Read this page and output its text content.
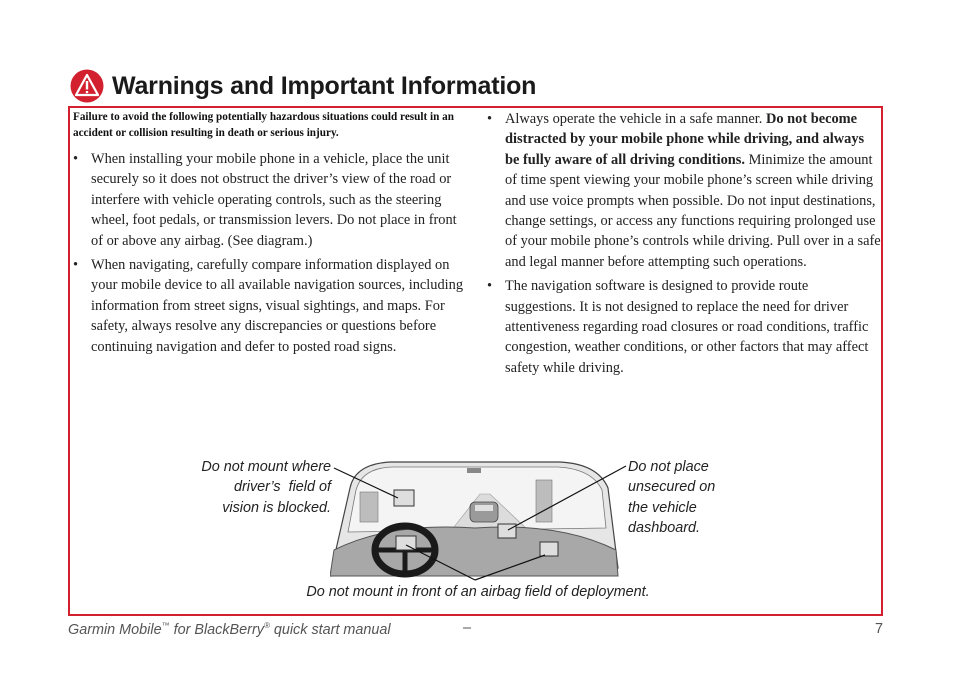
Warnings and Important Information

Failure to avoid the following potentially hazardous situations could result in an accident or collision resulting in death or serious injury.

• When installing your mobile phone in a vehicle, place the unit securely so it does not obstruct the driver’s view of the road or interfere with vehicle operating controls, such as the steering wheel, foot pedals, or transmission levers. Do not place in front of or above any airbag. (See diagram.)
• When navigating, carefully compare information displayed on your mobile device to all available navigation sources, including information from street signs, visual sightings, and maps. For safety, always resolve any discrepancies or questions before continuing navigation and defer to posted road signs.
• Always operate the vehicle in a safe manner. Do not become distracted by your mobile phone while driving, and always be fully aware of all driving conditions. Minimize the amount of time spent viewing your mobile phone’s screen while driving and use voice prompts when possible. Do not input destinations, change settings, or access any functions requiring prolonged use of your mobile phone’s controls while driving. Pull over in a safe and legal manner before attempting such operations.
• The navigation software is designed to provide route suggestions. It is not designed to replace the need for driver attentiveness regarding road closures or road conditions, traffic congestion, weather conditions, or other factors that may affect safety while driving.
Do not mount where
driver’s  field of
vision is blocked.
Do not place
unsecured on
the vehicle
dashboard.
Do not mount in front of an airbag field of deployment.
Garmin Mobile™ for BlackBerry® quick start manual	–	7
